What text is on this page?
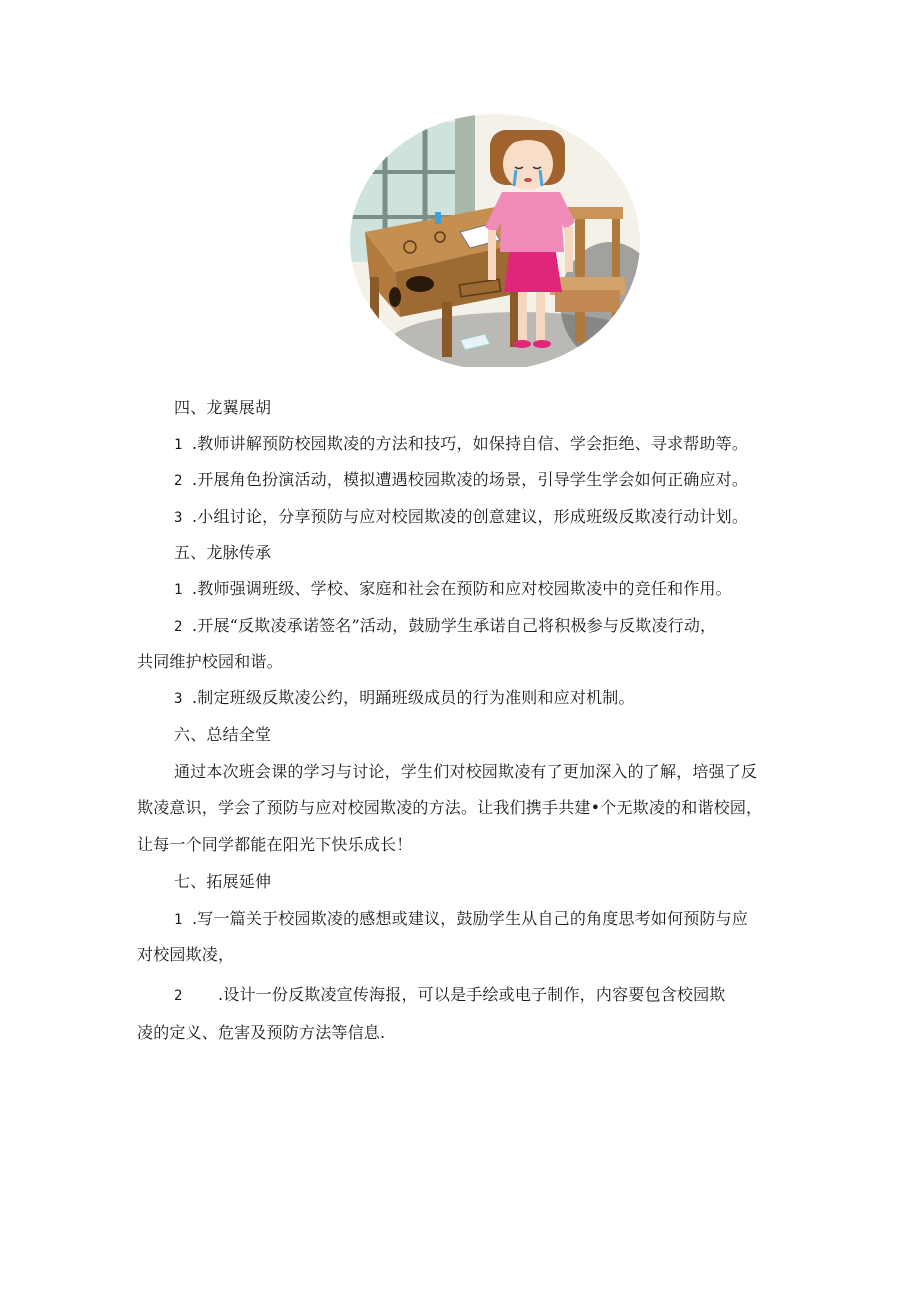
四、龙翼展胡
1 .教师讲解预防校园欺凌的方法和技巧，如保持自信、学会拒绝、寻求帮助等。
2 .开展角色扮演活动，模拟遭遇校园欺凌的场景，引导学生学会如何正确应对。
3 .小组讨论，分享预防与应对校园欺凌的创意建议，形成班级反欺凌行动计划。
五、龙脉传承
1 .教师强调班级、学校、家庭和社会在预防和应对校园欺凌中的竞任和作用。
2 .开展“反欺凌承诺签名”活动，鼓励学生承诺自己将积极参与反欺凌行动，
共同维护校园和谐。
3 .制定班级反欺凌公约，明踊班级成员的行为准则和应对机制。
六、总结全堂
通过本次班会课的学习与讨论，学生们对校园欺凌有了更加深入的了解，培强了反
欺凌意识，学会了预防与应对校园欺凌的方法。让我们携手共建•个无欺凌的和谐校园，
让每一个同学都能在阳光下快乐成长！
七、拓展延伸
1 .写一篇关于校园欺凌的感想或建议，鼓励学生从自己的角度思考如何预防与应
对校园欺凌，
2 .设计一份反欺凌宣传海报，可以是手绘或电子制作，内容要包含校园欺
凌的定义、危害及预防方法等信息.
